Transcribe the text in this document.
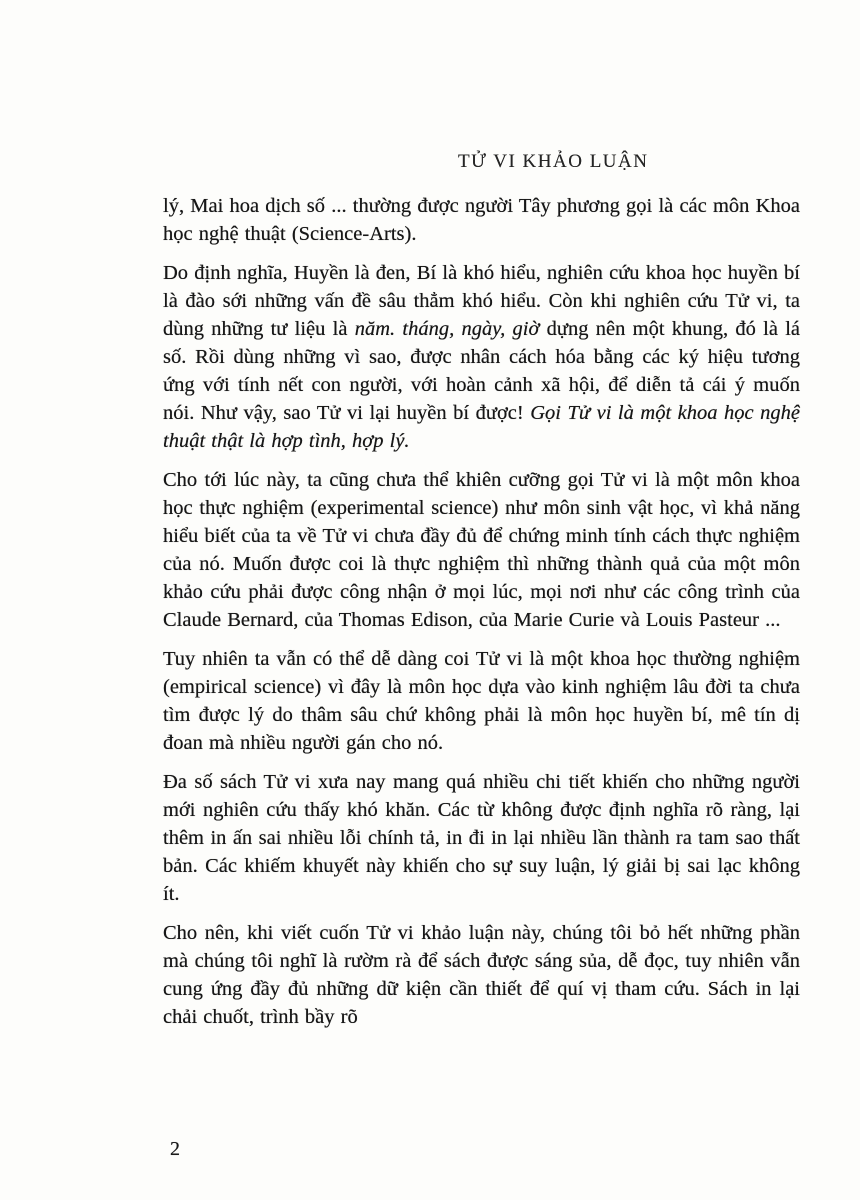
TỬ VI KHẢO LUẬN

lý, Mai hoa dịch số ... thường được người Tây phương gọi là các môn Khoa học nghệ thuật (Science-Arts).

Do định nghĩa, Huyền là đen, Bí là khó hiểu, nghiên cứu khoa học huyền bí là đào sới những vấn đề sâu thẳm khó hiểu. Còn khi nghiên cứu Tử vi, ta dùng những tư liệu là năm. tháng, ngày, giờ dựng nên một khung, đó là lá số. Rồi dùng những vì sao, được nhân cách hóa bằng các ký hiệu tương ứng với tính nết con người, với hoàn cảnh xã hội, để diễn tả cái ý muốn nói. Như vậy, sao Tử vi lại huyền bí được! Gọi Tử vi là một khoa học nghệ thuật thật là hợp tình, hợp lý.

Cho tới lúc này, ta cũng chưa thể khiên cưỡng gọi Tử vi là một môn khoa học thực nghiệm (experimental science) như môn sinh vật học, vì khả năng hiểu biết của ta về Tử vi chưa đầy đủ để chứng minh tính cách thực nghiệm của nó. Muốn được coi là thực nghiệm thì những thành quả của một môn khảo cứu phải được công nhận ở mọi lúc, mọi nơi như các công trình của Claude Bernard, của Thomas Edison, của Marie Curie và Louis Pasteur ...

Tuy nhiên ta vẫn có thể dễ dàng coi Tử vi là một khoa học thường nghiệm (empirical science) vì đây là môn học dựa vào kinh nghiệm lâu đời ta chưa tìm được lý do thâm sâu chứ không phải là môn học huyền bí, mê tín dị đoan mà nhiều người gán cho nó.

Đa số sách Tử vi xưa nay mang quá nhiều chi tiết khiến cho những người mới nghiên cứu thấy khó khăn. Các từ không được định nghĩa rõ ràng, lại thêm in ấn sai nhiều lỗi chính tả, in đi in lại nhiều lần thành ra tam sao thất bản. Các khiếm khuyết này khiến cho sự suy luận, lý giải bị sai lạc không ít.

Cho nên, khi viết cuốn Tử vi khảo luận này, chúng tôi bỏ hết những phần mà chúng tôi nghĩ là rườm rà để sách được sáng sủa, dễ đọc, tuy nhiên vẫn cung ứng đầy đủ những dữ kiện cần thiết để quí vị tham cứu. Sách in lại chải chuốt, trình bầy rõ

2
